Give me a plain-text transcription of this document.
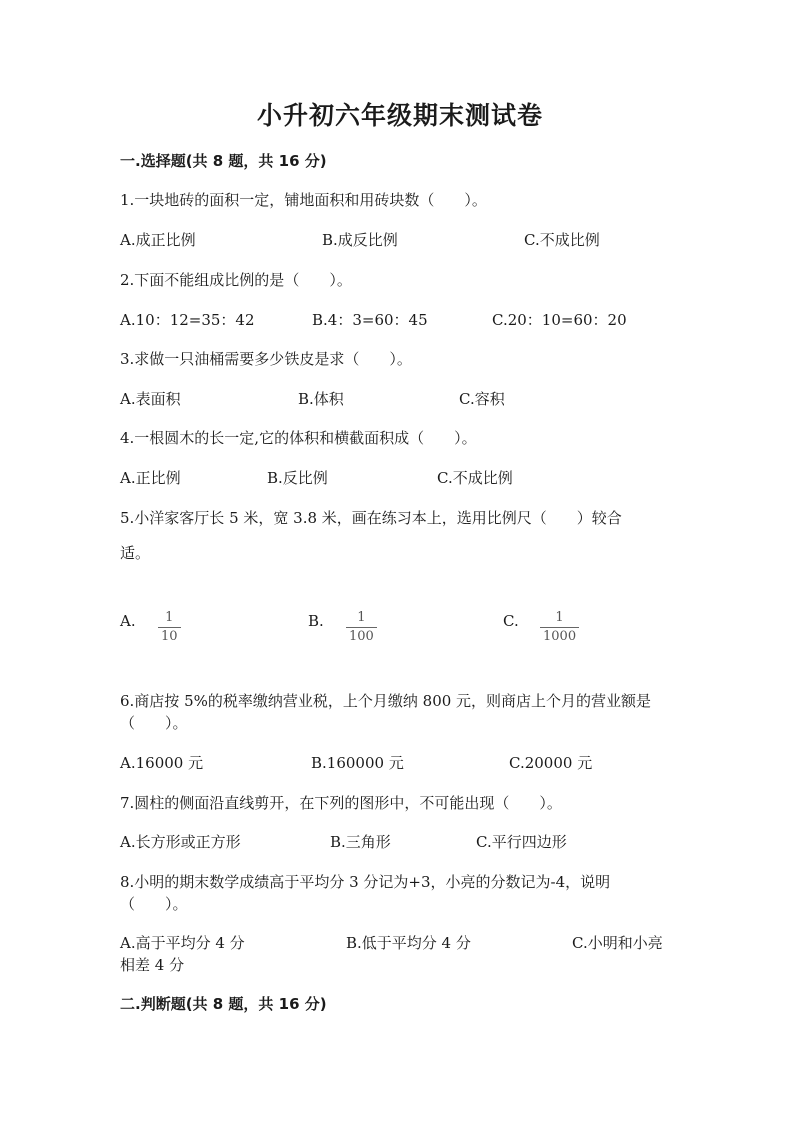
小升初六年级期末测试卷
一.选择题(共 8 题，共 16 分)
1.一块地砖的面积一定，铺地面积和用砖块数（　　）。
A.成正比例	B.成反比例	C.不成比例
2.下面不能组成比例的是（　　）。
A.10：12=35：42	B.4：3=60：45	C.20：10=60：20
3.求做一只油桶需要多少铁皮是求（　　）。
A.表面积	B.体积	C.容积
4.一根圆木的长一定,它的体积和横截面积成（　　）。
A.正比例	B.反比例	C.不成比例
5.小洋家客厅长 5 米，宽 3.8 米，画在练习本上，选用比例尺（　　）较合
适。
A. $\frac{1}{10}$	B. $\frac{1}{100}$	C. $\frac{1}{1000}$
6.商店按 5%的税率缴纳营业税，上个月缴纳 800 元，则商店上个月的营业额是
（　　）。
A.16000 元	B.160000 元	C.20000 元
7.圆柱的侧面沿直线剪开，在下列的图形中，不可能出现（　　）。
A.长方形或正方形	B.三角形	C.平行四边形
8.小明的期末数学成绩高于平均分 3 分记为+3，小亮的分数记为-4，说明
（　　）。
A.高于平均分 4 分	B.低于平均分 4 分	C.小明和小亮
相差 4 分
二.判断题(共 8 题，共 16 分)
